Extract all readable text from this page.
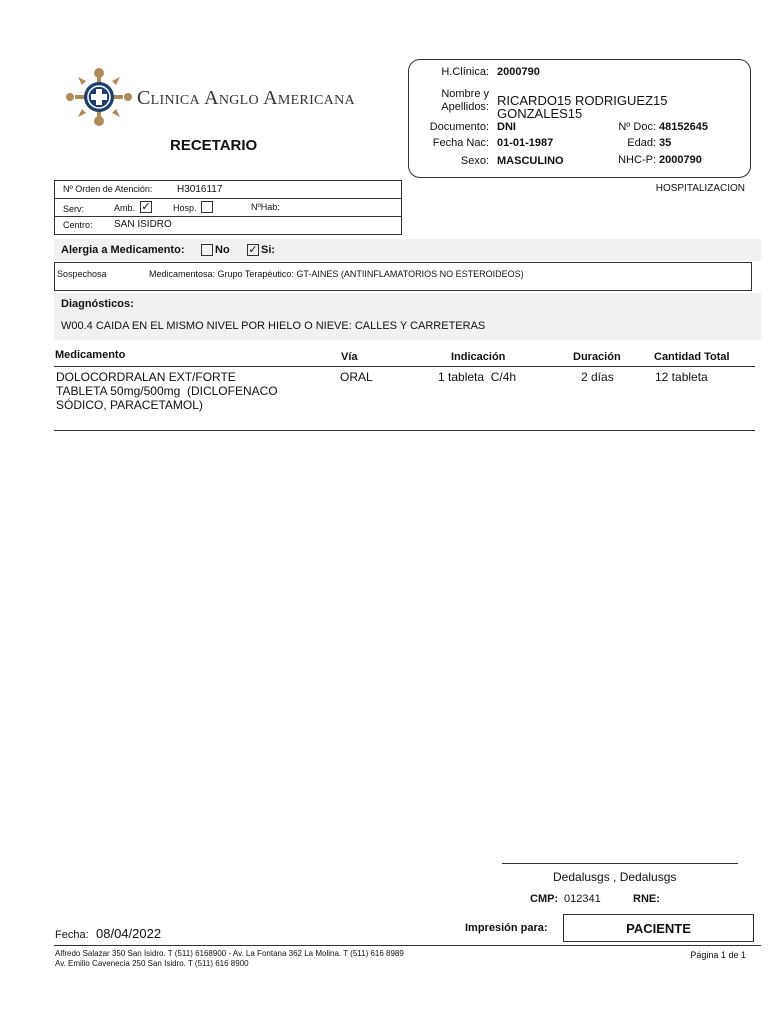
Clinica Anglo Americana
RECETARIO
H.Clínica: 2000790
Nombre y
Apellidos: RICARDO15 RODRIGUEZ15
GONZALES15
Documento: DNI	Nº Doc: 48152645
Fecha Nac: 01-01-1987	Edad: 35
Sexo: MASCULINO	NHC-P: 2000790
HOSPITALIZACION
Nº Orden de Atención: H3016117
Serv:	Amb. ✓ Hosp.	NºHab:
Centro: SAN ISIDRO
Alergia a Medicamento:	No ✓ Si:
Sospechosa	Medicamentosa: Grupo Terapéutico: GT-AINES (ANTIINFLAMATORIOS NO ESTEROIDEOS)
Diagnósticos:
W00.4 CAIDA EN EL MISMO NIVEL POR HIELO O NIEVE: CALLES Y CARRETERAS
Medicamento	Vía	Indicación	Duración	Cantidad Total
DOLOCORDRALAN EXT/FORTE
TABLETA 50mg/500mg  (DICLOFENACO
SÓDICO, PARACETAMOL)
ORAL	1 tableta  C/4h	2 días	12 tableta
Dedalusgs , Dedalusgs
CMP: 012341	RNE:
Fecha: 08/04/2022	Impresión para:	PACIENTE
Alfredo Salazar 350 San Isidro. T (511) 6168900 - Av. La Fontana 362 La Molina. T (511) 616 8989
Av. Emilio Cavenecia 250 San Isidro. T (511) 616 8900
Página 1 de 1
